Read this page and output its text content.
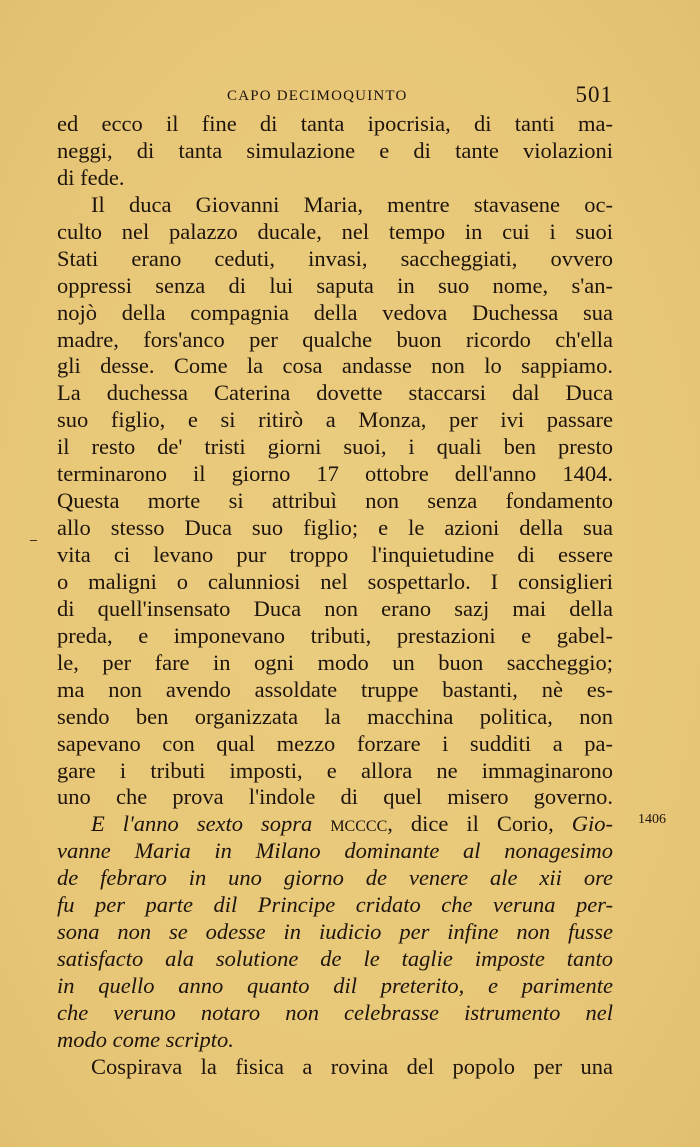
CAPO DECIMOQUINTO	501
ed ecco il fine di tanta ipocrisia, di tanti ma-
neggi, di tanta simulazione e di tante violazioni
di fede.
Il duca Giovanni Maria, mentre stavasene oc-
culto nel palazzo ducale, nel tempo in cui i suoi
Stati erano ceduti, invasi, saccheggiati, ovvero
oppressi senza di lui saputa in suo nome, s'an-
nojò della compagnia della vedova Duchessa sua
madre, fors'anco per qualche buon ricordo ch'ella
gli desse. Come la cosa andasse non lo sappiamo.
La duchessa Caterina dovette staccarsi dal Duca
suo figlio, e si ritirò a Monza, per ivi passare
il resto de' tristi giorni suoi, i quali ben presto
terminarono il giorno 17 ottobre dell'anno 1404.
Questa morte si attribuì non senza fondamento
allo stesso Duca suo figlio; e le azioni della sua
vita ci levano pur troppo l'inquietudine di essere
o maligni o calunniosi nel sospettarlo. I consiglieri
di quell'insensato Duca non erano sazj mai della
preda, e imponevano tributi, prestazioni e gabel-
le, per fare in ogni modo un buon saccheggio;
ma non avendo assoldate truppe bastanti, nè es-
sendo ben organizzata la macchina politica, non
sapevano con qual mezzo forzare i sudditi a pa-
gare i tributi imposti, e allora ne immaginarono
uno che prova l'indole di quel misero governo.
E l'anno sexto sopra mcccc, dice il Corio, Gio-
vanne Maria in Milano dominante al nonagesimo
de febraro in uno giorno de venere ale xii ore
fu per parte dil Principe cridato che veruna per-
sona non se odesse in iudicio per infine non fusse
satisfacto ala solutione de le taglie imposte tanto
in quello anno quanto dil preterito, e parimente
che veruno notaro non celebrasse istrumento nel
modo come scripto.
Cospirava la fisica a rovina del popolo per una
1406
